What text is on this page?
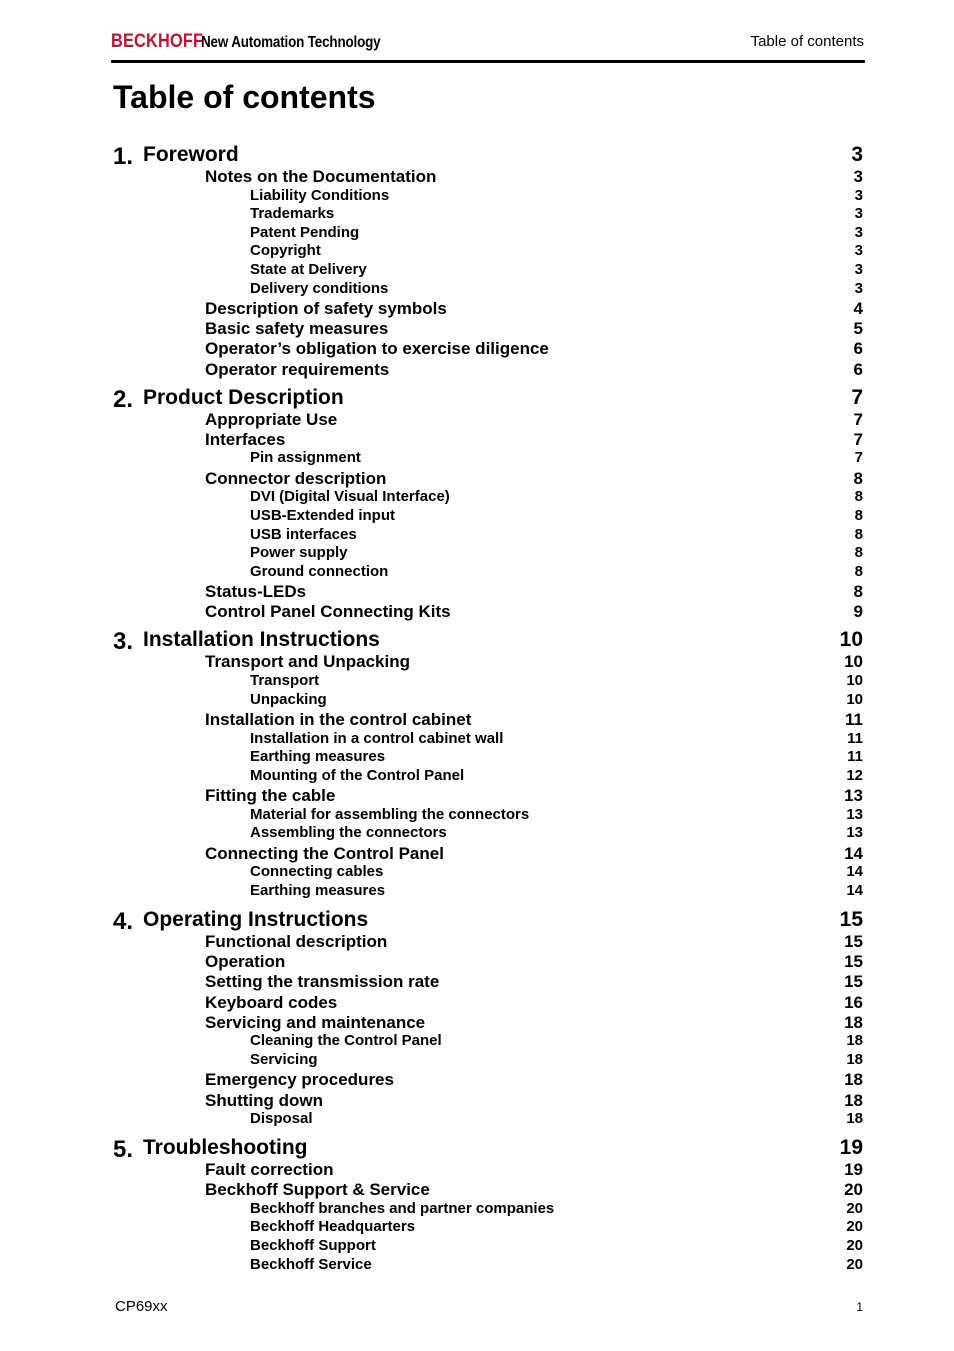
BECKHOFF
New Automation Technology	Table of contents
Table of contents
1. Foreword	3
Notes on the Documentation	3
Liability Conditions	3
Trademarks	3
Patent Pending	3
Copyright	3
State at Delivery	3
Delivery conditions	3
Description of safety symbols	4
Basic safety measures	5
Operator’s obligation to exercise diligence	6
Operator requirements	6
2. Product Description	7
Appropriate Use	7
Interfaces	7
Pin assignment	7
Connector description	8
DVI (Digital Visual Interface)	8
USB-Extended input	8
USB interfaces	8
Power supply	8
Ground connection	8
Status-LEDs	8
Control Panel Connecting Kits	9
3. Installation Instructions	10
Transport and Unpacking	10
Transport	10
Unpacking	10
Installation in the control cabinet	11
Installation in a control cabinet wall	11
Earthing measures	11
Mounting of the Control Panel	12
Fitting the cable	13
Material for assembling the connectors	13
Assembling the connectors	13
Connecting the Control Panel	14
Connecting cables	14
Earthing measures	14
4. Operating Instructions	15
Functional description	15
Operation	15
Setting the transmission rate	15
Keyboard codes	16
Servicing and maintenance	18
Cleaning the Control Panel	18
Servicing	18
Emergency procedures	18
Shutting down	18
Disposal	18
5. Troubleshooting	19
Fault correction	19
Beckhoff Support & Service	20
Beckhoff branches and partner companies	20
Beckhoff Headquarters	20
Beckhoff Support	20
Beckhoff Service	20
CP69xx	1
